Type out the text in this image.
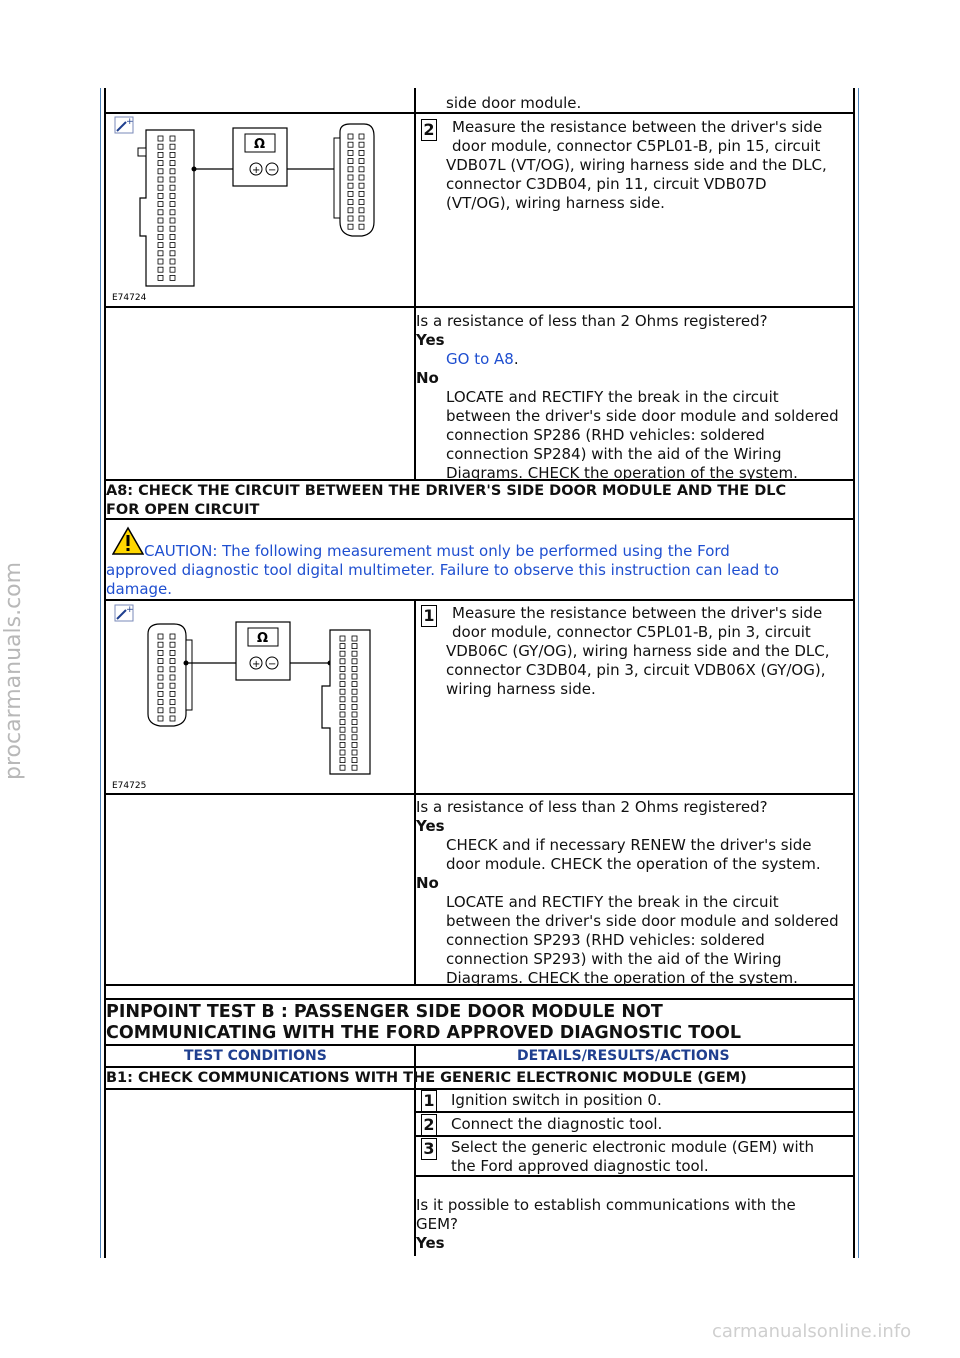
procarmanuals.com
carmanualsonline.info
side door module.
+
Ω
+ −
E74724
2 Measure the resistance between the driver's side
door module, connector C5PL01-B, pin 15, circuit
VDB07L (VT/OG), wiring harness side and the DLC,
connector C3DB04, pin 11, circuit VDB07D
(VT/OG), wiring harness side.
Is a resistance of less than 2 Ohms registered?
Yes
GO to A8.
No
LOCATE and RECTIFY the break in the circuit
between the driver's side door module and soldered
connection SP286 (RHD vehicles: soldered
connection SP284) with the aid of the Wiring
Diagrams. CHECK the operation of the system.
A8: CHECK THE CIRCUIT BETWEEN THE DRIVER'S SIDE DOOR MODULE AND THE DLC
FOR OPEN CIRCUIT
CAUTION: The following measurement must only be performed using the Ford
approved diagnostic tool digital multimeter. Failure to observe this instruction can lead to
damage.
+
Ω
+ −
E74725
1 Measure the resistance between the driver's side
door module, connector C5PL01-B, pin 3, circuit
VDB06C (GY/OG), wiring harness side and the DLC,
connector C3DB04, pin 3, circuit VDB06X (GY/OG),
wiring harness side.
Is a resistance of less than 2 Ohms registered?
Yes
CHECK and if necessary RENEW the driver's side
door module. CHECK the operation of the system.
No
LOCATE and RECTIFY the break in the circuit
between the driver's side door module and soldered
connection SP293 (RHD vehicles: soldered
connection SP293) with the aid of the Wiring
Diagrams. CHECK the operation of the system.
PINPOINT TEST B : PASSENGER SIDE DOOR MODULE NOT
COMMUNICATING WITH THE FORD APPROVED DIAGNOSTIC TOOL
TEST CONDITIONS	DETAILS/RESULTS/ACTIONS
B1: CHECK COMMUNICATIONS WITH THE GENERIC ELECTRONIC MODULE (GEM)
1 Ignition switch in position 0.
2 Connect the diagnostic tool.
3 Select the generic electronic module (GEM) with
the Ford approved diagnostic tool.
Is it possible to establish communications with the
GEM?
Yes
